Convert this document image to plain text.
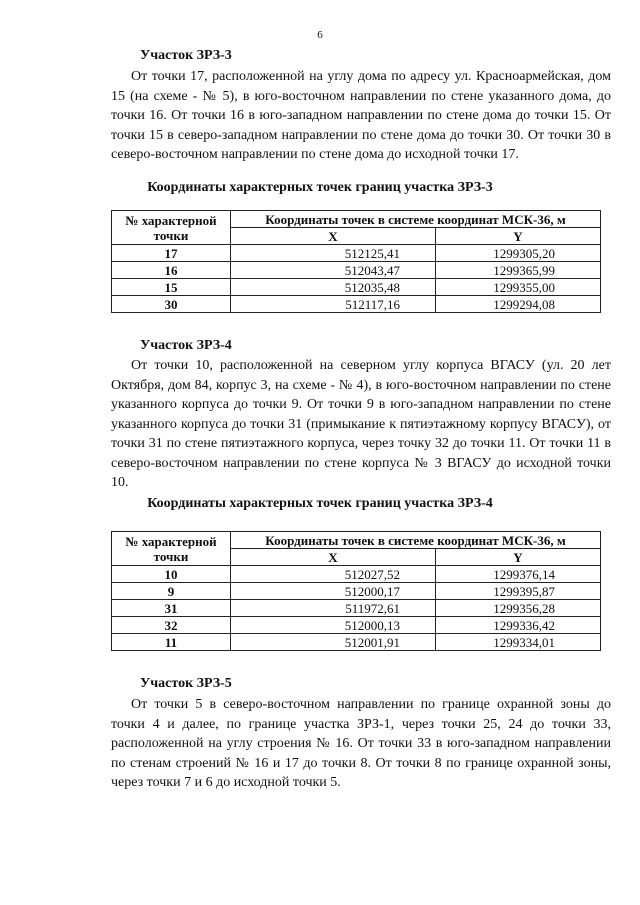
6
Участок ЗРЗ-3
От точки 17, расположенной на углу дома по адресу ул. Красноармейская, дом 15 (на схеме - № 5), в юго-восточном направлении по стене указанного дома, до точки 16. От точки 16 в юго-западном направлении по стене дома до точки 15. От точки 15 в северо-западном направлении по стене дома до точки 30. От точки 30 в северо-восточном направлении по стене дома до исходной точки 17.
Координаты характерных точек границ участка ЗРЗ-3
№ характерной
точки	Координаты точек в системе координат МСК-36, м	
	X	Y
17	512125,41	1299305,20
16	512043,47	1299365,99
15	512035,48	1299355,00
30	512117,16	1299294,08
Участок ЗРЗ-4
От точки 10, расположенной на северном углу корпуса ВГАСУ (ул. 20 лет Октября, дом 84, корпус 3, на схеме - № 4), в юго-восточном направлении по стене указанного корпуса до точки 9. От точки 9 в юго-западном направлении по стене указанного корпуса до точки 31 (примыкание к пятиэтажному корпусу ВГАСУ), от точки 31 по стене пятиэтажного корпуса, через точку 32 до точки 11. От точки 11 в северо-восточном направлении по стене корпуса № 3 ВГАСУ до исходной точки 10.
Координаты характерных точек границ участка ЗРЗ-4
№ характерной
точки	Координаты точек в системе координат МСК-36, м	
	X	Y
10	512027,52	1299376,14
9	512000,17	1299395,87
31	511972,61	1299356,28
32	512000,13	1299336,42
11	512001,91	1299334,01
Участок ЗРЗ-5
От точки 5 в северо-восточном направлении по границе охранной зоны до точки 4 и далее, по границе участка ЗРЗ-1, через точки 25, 24 до точки 33, расположенной на углу строения № 16. От точки 33 в юго-западном направлении по стенам строений № 16 и 17 до точки 8. От точки 8 по границе охранной зоны, через точки 7 и 6 до исходной точки 5.
